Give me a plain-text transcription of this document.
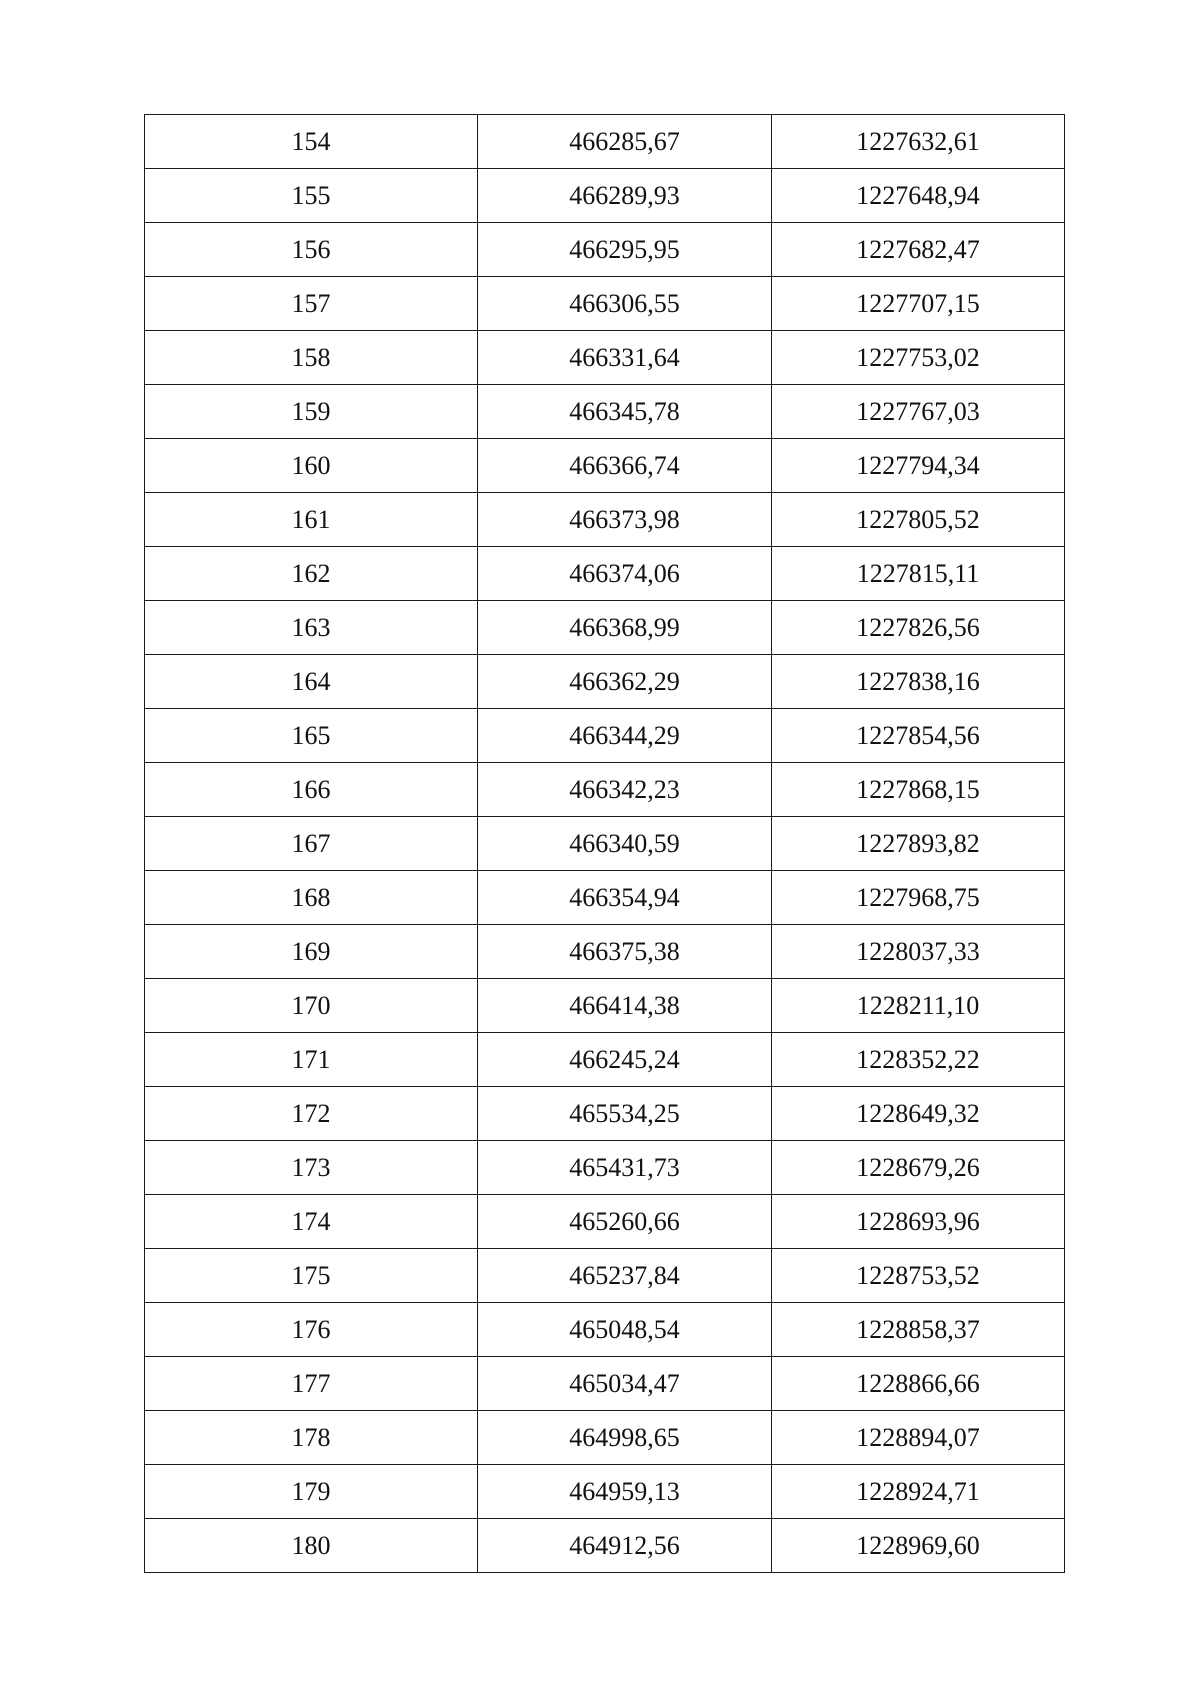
154	466285,67	1227632,61
155	466289,93	1227648,94
156	466295,95	1227682,47
157	466306,55	1227707,15
158	466331,64	1227753,02
159	466345,78	1227767,03
160	466366,74	1227794,34
161	466373,98	1227805,52
162	466374,06	1227815,11
163	466368,99	1227826,56
164	466362,29	1227838,16
165	466344,29	1227854,56
166	466342,23	1227868,15
167	466340,59	1227893,82
168	466354,94	1227968,75
169	466375,38	1228037,33
170	466414,38	1228211,10
171	466245,24	1228352,22
172	465534,25	1228649,32
173	465431,73	1228679,26
174	465260,66	1228693,96
175	465237,84	1228753,52
176	465048,54	1228858,37
177	465034,47	1228866,66
178	464998,65	1228894,07
179	464959,13	1228924,71
180	464912,56	1228969,60
